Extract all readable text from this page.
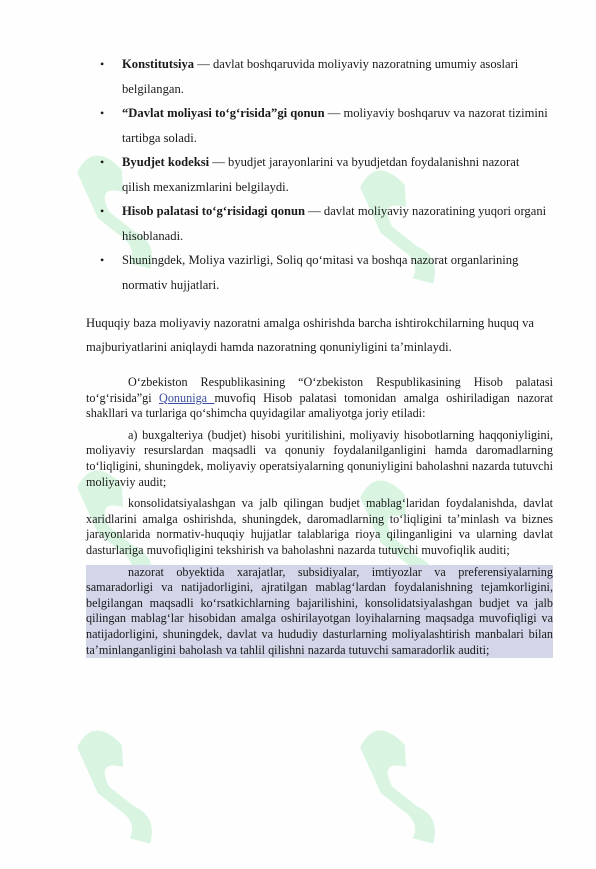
• Konstitutsiya — davlat boshqaruvida moliyaviy nazoratning umumiy asoslari belgilangan.
• “Davlat moliyasi to‘g‘risida”gi qonun — moliyaviy boshqaruv va nazorat tizimini tartibga soladi.
• Byudjet kodeksi — byudjet jarayonlarini va byudjetdan foydalanishni nazorat qilish mexanizmlarini belgilaydi.
• Hisob palatasi to‘g‘risidagi qonun — davlat moliyaviy nazoratining yuqori organi hisoblanadi.
• Shuningdek, Moliya vazirligi, Soliq qo‘mitasi va boshqa nazorat organlarining normativ hujjatlari.

Huquqiy baza moliyaviy nazoratni amalga oshirishda barcha ishtirokchilarning huquq va majburiyatlarini aniqlaydi hamda nazoratning qonuniyligini ta’minlaydi.

O‘zbekiston Respublikasining “O‘zbekiston Respublikasining Hisob palatasi to‘g‘risida”gi Qonuniga muvofiq Hisob palatasi tomonidan amalga oshiriladigan nazorat shakllari va turlariga qo‘shimcha quyidagilar amaliyotga joriy etiladi:

a) buxgalteriya (budjet) hisobi yuritilishini, moliyaviy hisobotlarning haqqoniyligini, moliyaviy resurslardan maqsadli va qonuniy foydalanilganligini hamda daromadlarning to‘liqligini, shuningdek, moliyaviy operatsiyalarning qonuniyligini baholashni nazarda tutuvchi moliyaviy audit;

konsolidatsiyalashgan va jalb qilingan budjet mablag‘laridan foydalanishda, davlat xaridlarini amalga oshirishda, shuningdek, daromadlarning to‘liqligini ta’minlash va biznes jarayonlarida normativ-huquqiy hujjatlar talablariga rioya qilinganligini va ularning davlat dasturlariga muvofiqligini tekshirish va baholashni nazarda tutuvchi muvofiqlik auditi;

nazorat obyektida xarajatlar, subsidiyalar, imtiyozlar va preferensiyalarning samaradorligi va natijadorligini, ajratilgan mablag‘lardan foydalanishning tejamkorligini, belgilangan maqsadli ko‘rsatkichlarning bajarilishini, konsolidatsiyalashgan budjet va jalb qilingan mablag‘lar hisobidan amalga oshirilayotgan loyihalarning maqsadga muvofiqligi va natijadorligini, shuningdek, davlat va hududiy dasturlarning moliyalashtirish manbalari bilan ta’minlanganligini baholash va tahlil qilishni nazarda tutuvchi samaradorlik auditi;
